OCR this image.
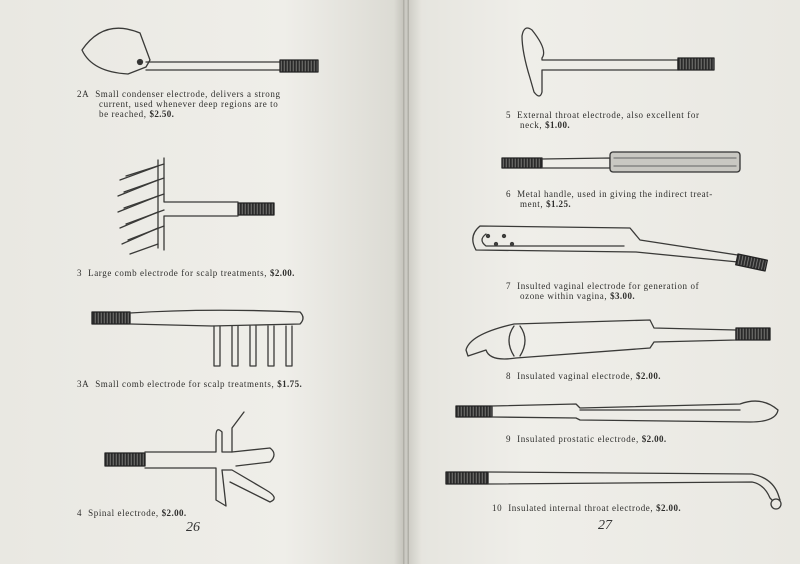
2A Small condenser electrode, delivers a strong
current, used whenever deep regions are to
be reached, $2.50.
3 Large comb electrode for scalp treatments, $2.00.
3A Small comb electrode for scalp treatments, $1.75.
4 Spinal electrode, $2.00.
26
5 External throat electrode, also excellent for
neck, $1.00.
6 Metal handle, used in giving the indirect treat-
ment, $1.25.
7 Insulted vaginal electrode for generation of
ozone within vagina, $3.00.
8 Insulated vaginal electrode, $2.00.
9 Insulated prostatic electrode, $2.00.
10 Insulated internal throat electrode, $2.00.
27
